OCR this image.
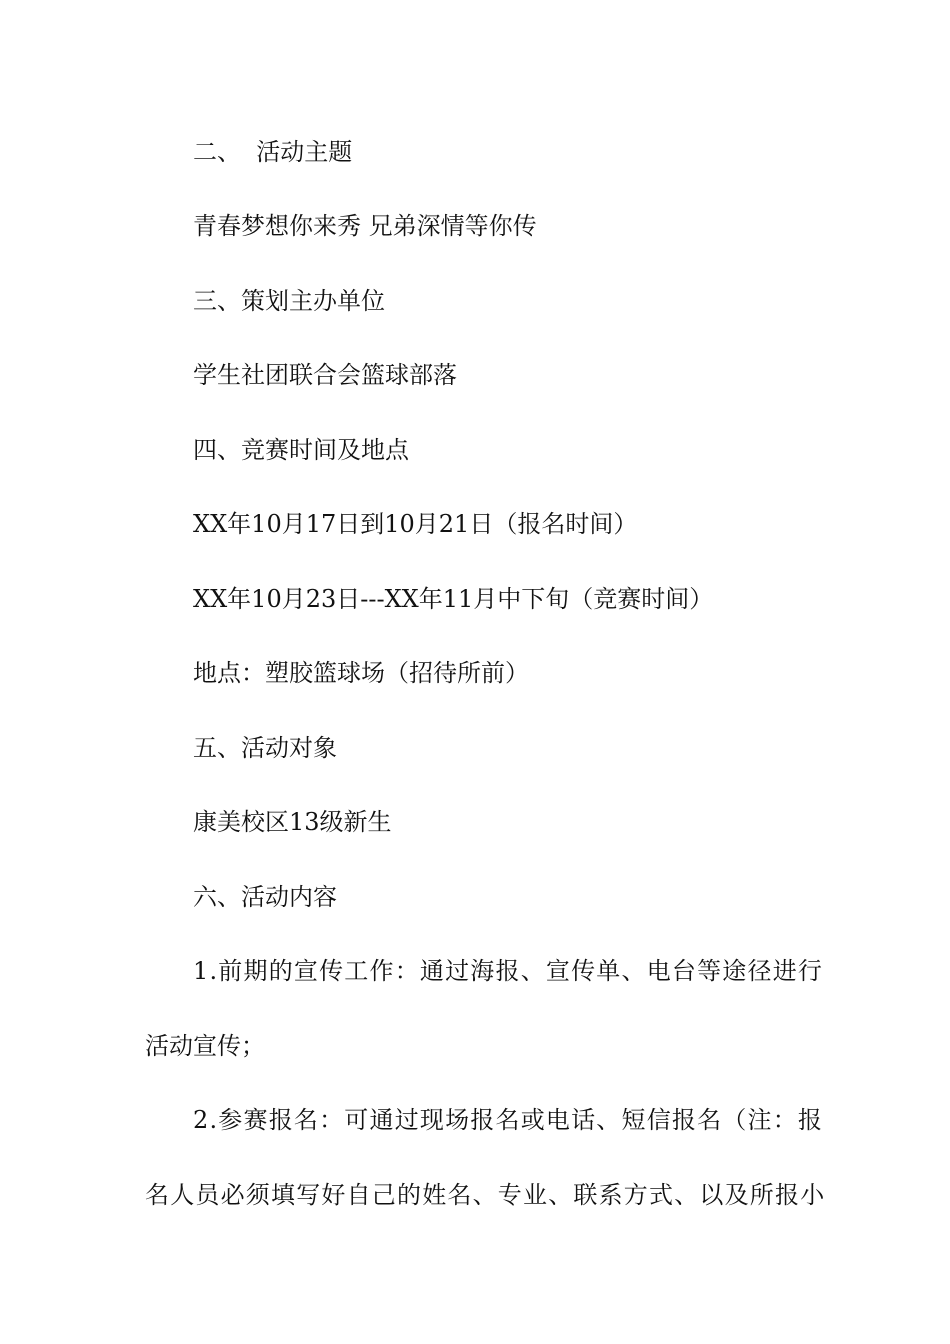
二、  活动主题

青春梦想你来秀 兄弟深情等你传

三、策划主办单位

学生社团联合会篮球部落

四、竞赛时间及地点

XX年10月17日到10月21日（报名时间）

XX年10月23日---XX年11月中下旬（竞赛时间）

地点：塑胶篮球场（招待所前）

五、活动对象

康美校区13级新生

六、活动内容

1.前期的宣传工作：通过海报、宣传单、电台等途径进行

活动宣传；

2.参赛报名：可通过现场报名或电话、短信报名（注：报

名人员必须填写好自己的姓名、专业、联系方式、以及所报小
